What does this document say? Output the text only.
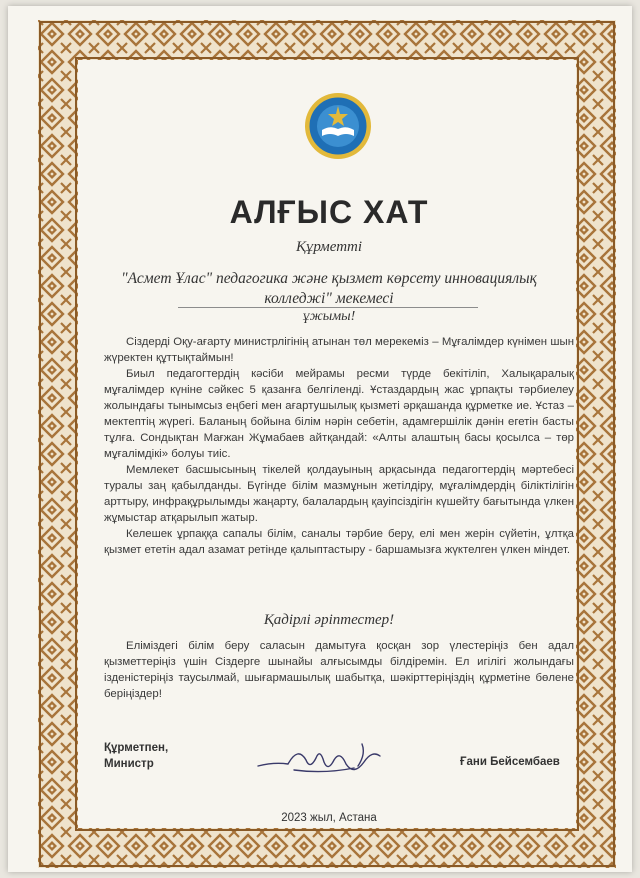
АЛҒЫС ХАТ
Құрметті
"Асмет Ұлас" педагогика және қызмет көрсету инновациялық колледжі" мекемесі
ұжымы!

Сіздерді Оқу-ағарту министрлігінің атынан төл мерекеміз – Мұғалімдер күнімен шын жүректен құттықтаймын!

Биыл педагогтердің кәсіби мейрамы ресми түрде бекітіліп, Халықаралық мұғалімдер күніне сәйкес 5 қазанға белгіленді. Ұстаздардың жас ұрпақты тәрбиелеу жолындағы тынымсыз еңбегі мен ағартушылық қызметі әрқашанда құрметке ие. Ұстаз – мектептің жүрегі. Баланың бойына білім нәрін себетін, адамгершілік дәнін егетін басты тұлға. Сондықтан Мағжан Жұмабаев айтқандай: «Алты алаштың басы қосылса – төр мұғалімдікі» болуы тиіс.

Мемлекет басшысының тікелей қолдауының арқасында педагогтердің мәртебесі туралы заң қабылданды. Бүгінде білім мазмұнын жетілдіру, мұғалімдердің біліктілігін арттыру, инфрақұрылымды жаңарту, балалардың қауіпсіздігін күшейту бағытында үлкен жұмыстар атқарылып жатыр.

Келешек ұрпаққа сапалы білім, саналы тәрбие беру, елі мен жерін сүйетін, ұлтқа қызмет ететін адал азамат ретінде қалыптастыру - баршамызға жүктелген үлкен міндет.

Қадірлі әріптестер!

Еліміздегі білім беру саласын дамытуға қосқан зор үлестеріңіз бен адал қызметтеріңіз үшін Сіздерге шынайы алғысымды білдіремін. Ел игілігі жолындағы ізденістеріңіз таусылмай, шығармашылық шабытқа, шәкірттеріңіздің құрметіне бөлене беріңіздер!

Құрметпен,
Министр	Ғани Бейсембаев
2023 жыл, Астана
